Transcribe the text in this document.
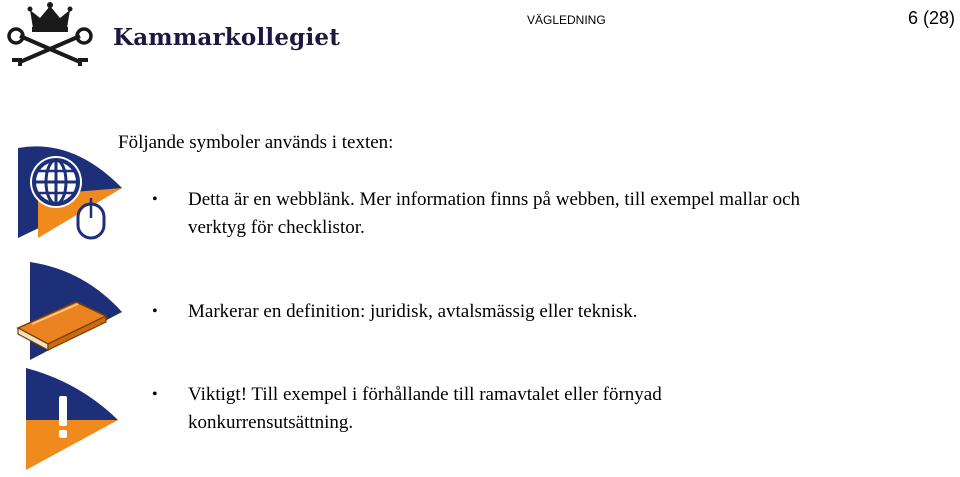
Kammarkollegiet
VÄGLEDNING	6 (28)
Följande symboler används i texten:
• Detta är en webblänk. Mer information finns på webben, till exempel mallar och verktyg för checklistor.
• Markerar en definition: juridisk, avtalsmässig eller teknisk.
• Viktigt! Till exempel i förhållande till ramavtalet eller förnyad konkurrensutsättning.
